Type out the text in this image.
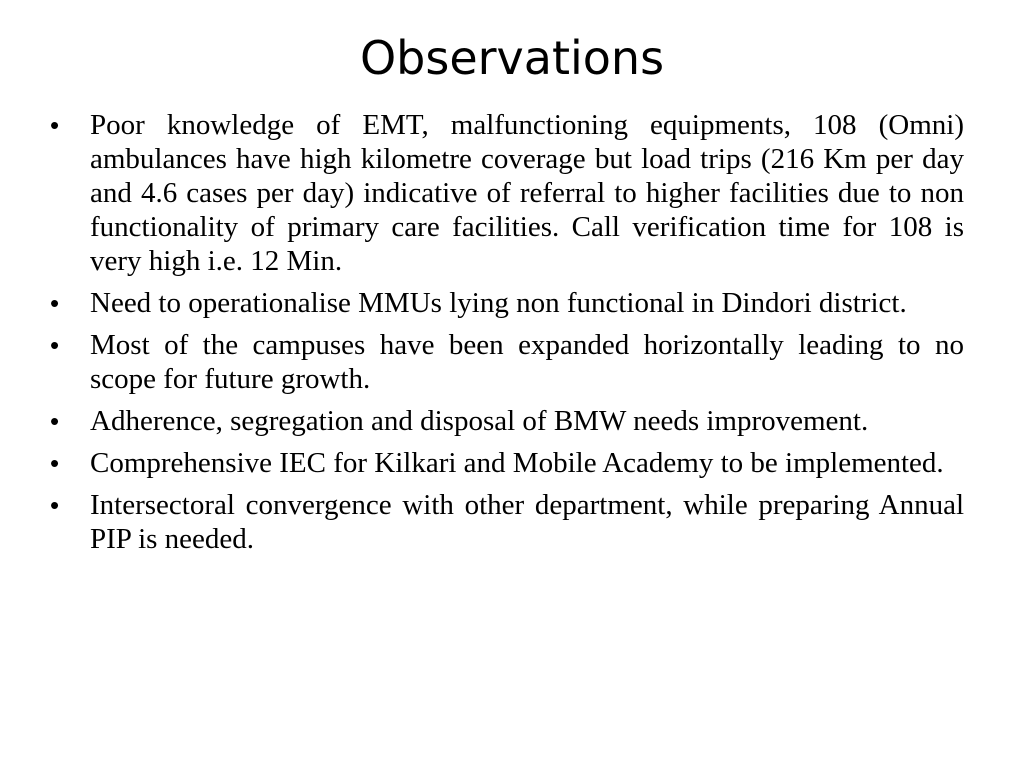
Observations
•	Poor knowledge of EMT, malfunctioning equipments, 108 (Omni) ambulances have high kilometre coverage but load trips (216 Km per day and 4.6 cases per day) indicative of referral to higher facilities due to non functionality of primary care facilities. Call verification time for 108 is very high i.e. 12 Min.
•	Need to operationalise MMUs lying non functional in Dindori district.
•	Most of the campuses have been expanded horizontally leading to no scope for future growth.
•	Adherence, segregation and disposal of BMW needs improvement.
•	Comprehensive IEC for Kilkari and Mobile Academy to be implemented.
•	Intersectoral convergence with other department, while preparing Annual PIP is needed.
